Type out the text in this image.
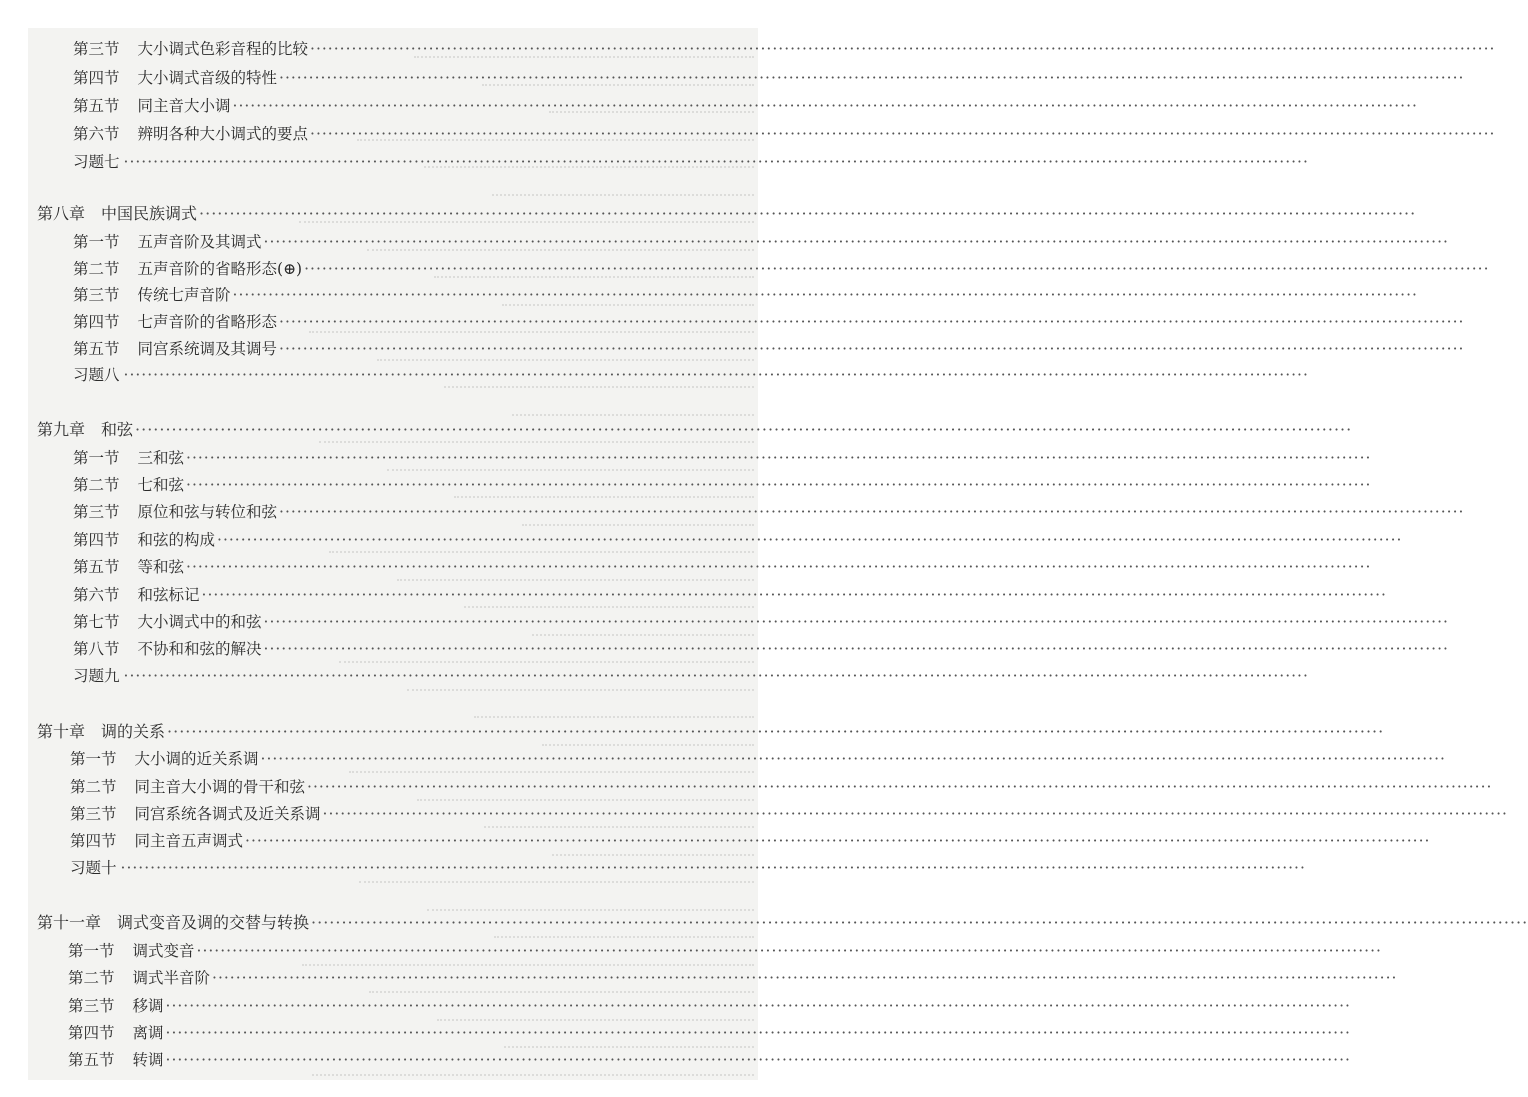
第三节 大小调式色彩音程的比较 ········································································································································································································
第四节 大小调式音级的特性 ········································································································································································································
第五节 同主音大小调 ········································································································································································································
第六节 辨明各种大小调式的要点 ········································································································································································································
习题七 ········································································································································································································
第八章 中国民族调式 ········································································································································································································
第一节 五声音阶及其调式 ········································································································································································································
第二节 五声音阶的省略形态(⊕) ········································································································································································································
第三节 传统七声音阶 ········································································································································································································
第四节 七声音阶的省略形态 ········································································································································································································
第五节 同宫系统调及其调号 ········································································································································································································
习题八 ········································································································································································································
第九章 和弦 ········································································································································································································
第一节 三和弦 ········································································································································································································
第二节 七和弦 ········································································································································································································
第三节 原位和弦与转位和弦 ········································································································································································································
第四节 和弦的构成 ········································································································································································································
第五节 等和弦 ········································································································································································································
第六节 和弦标记 ········································································································································································································
第七节 大小调式中的和弦 ········································································································································································································
第八节 不协和和弦的解决 ········································································································································································································
习题九 ········································································································································································································
第十章 调的关系 ········································································································································································································
第一节 大小调的近关系调 ········································································································································································································
第二节 同主音大小调的骨干和弦 ········································································································································································································
第三节 同宫系统各调式及近关系调 ········································································································································································································
第四节 同主音五声调式 ········································································································································································································
习题十 ········································································································································································································
第十一章 调式变音及调的交替与转换 ········································································································································································································
第一节 调式变音 ········································································································································································································
第二节 调式半音阶 ········································································································································································································
第三节 移调 ········································································································································································································
第四节 离调 ········································································································································································································
第五节 转调 ········································································································································································································
